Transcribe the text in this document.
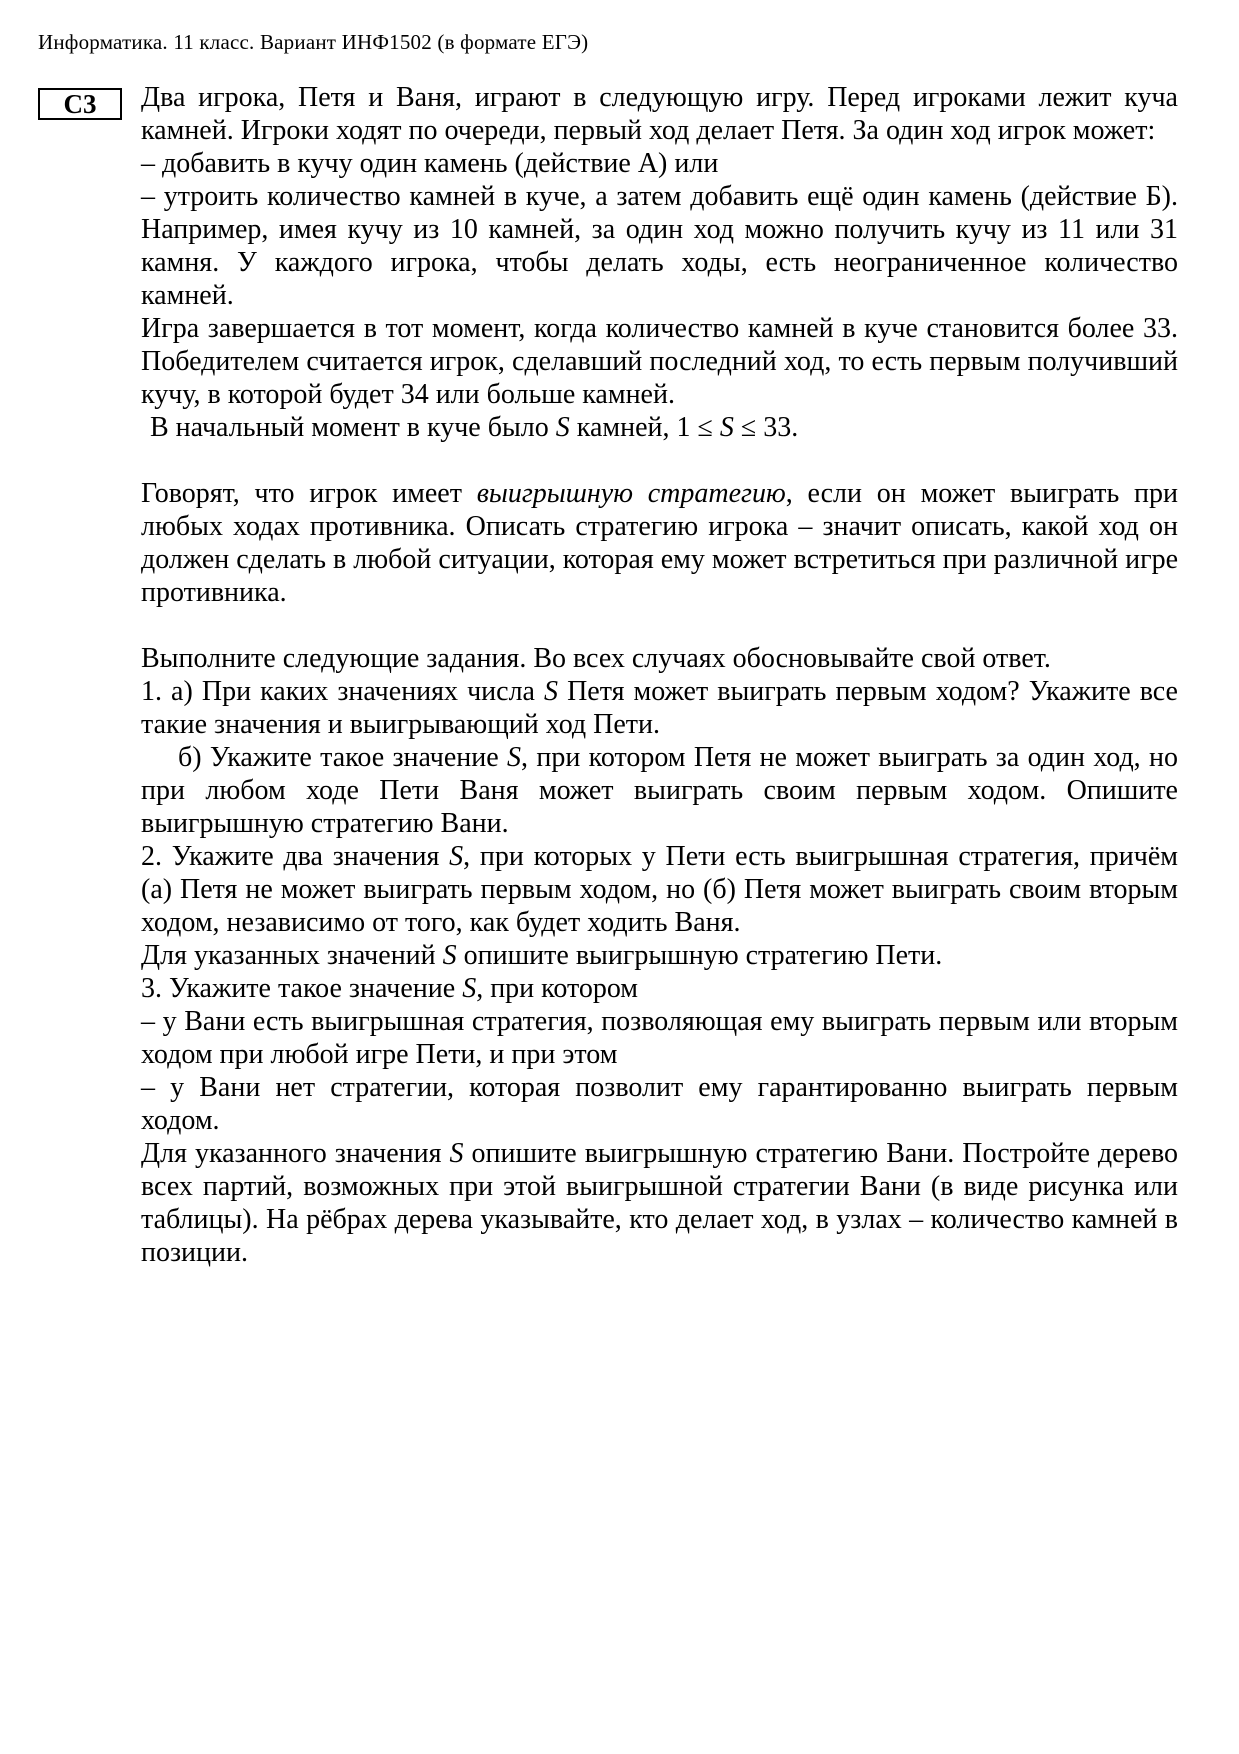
Информатика. 11 класс. Вариант ИНФ1502 (в формате ЕГЭ)
С3 Два игрока, Петя и Ваня, играют в следующую игру. Перед игроками лежит куча камней. Игроки ходят по очереди, первый ход делает Петя. За один ход игрок может:

– добавить в кучу один камень (действие А) или

– утроить количество камней в куче, а затем добавить ещё один камень (действие Б). Например, имея кучу из 10 камней, за один ход можно получить кучу из 11 или 31 камня. У каждого игрока, чтобы делать ходы, есть неограниченное количество камней.

Игра завершается в тот момент, когда количество камней в куче становится более 33. Победителем считается игрок, сделавший последний ход, то есть первым получивший кучу, в которой будет 34 или больше камней.

В начальный момент в куче было S камней, 1 ≤ S ≤ 33.

Говорят, что игрок имеет выигрышную стратегию, если он может выиграть при любых ходах противника. Описать стратегию игрока – значит описать, какой ход он должен сделать в любой ситуации, которая ему может встретиться при различной игре противника.

Выполните следующие задания. Во всех случаях обосновывайте свой ответ.

1. а) При каких значениях числа S Петя может выиграть первым ходом? Укажите все такие значения и выигрывающий ход Пети.

б) Укажите такое значение S, при котором Петя не может выиграть за один ход, но при любом ходе Пети Ваня может выиграть своим первым ходом. Опишите выигрышную стратегию Вани.

2. Укажите два значения S, при которых у Пети есть выигрышная стратегия, причём (а) Петя не может выиграть первым ходом, но (б) Петя может выиграть своим вторым ходом, независимо от того, как будет ходить Ваня.

Для указанных значений S опишите выигрышную стратегию Пети.

3. Укажите такое значение S, при котором

– у Вани есть выигрышная стратегия, позволяющая ему выиграть первым или вторым ходом при любой игре Пети, и при этом

– у Вани нет стратегии, которая позволит ему гарантированно выиграть первым ходом.

Для указанного значения S опишите выигрышную стратегию Вани. Постройте дерево всех партий, возможных при этой выигрышной стратегии Вани (в виде рисунка или таблицы). На рёбрах дерева указывайте, кто делает ход, в узлах – количество камней в позиции.
